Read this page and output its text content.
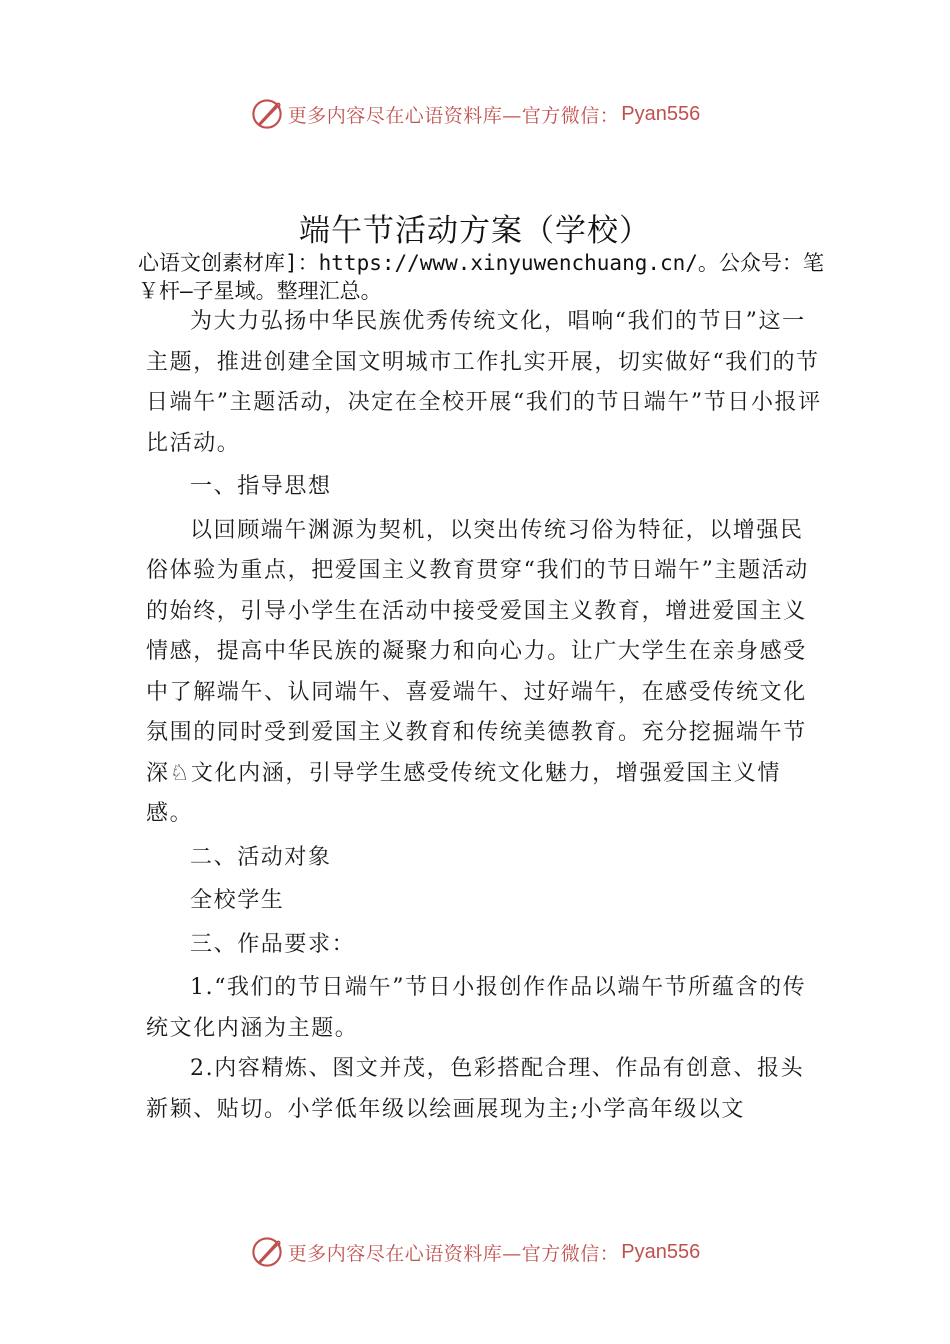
更多内容尽在心语资料库—官方微信： Pyan556
端午节活动方案（学校）
心语文创素材库]：https://www.xinyuwenchuang.cn/。公众号：笔￥杆—子星域。整理汇总。

为大力弘扬中华民族优秀传统文化，唱响“我们的节日”这一主题，推进创建全国文明城市工作扎实开展，切实做好“我们的节日端午”主题活动，决定在全校开展“我们的节日端午”节日小报评比活动。

一、指导思想

以回顾端午渊源为契机，以突出传统习俗为特征，以增强民俗体验为重点，把爱国主义教育贯穿“我们的节日端午”主题活动的始终，引导小学生在活动中接受爱国主义教育，增进爱国主义情感，提高中华民族的凝聚力和向心力。让广大学生在亲身感受中了解端午、认同端午、喜爱端午、过好端午，在感受传统文化氛围的同时受到爱国主义教育和传统美德教育。充分挖掘端午节深♘文化内涵，引导学生感受传统文化魅力，增强爱国主义情感。

二、活动对象

全校学生

三、作品要求：

1.“我们的节日端午”节日小报创作作品以端午节所蕴含的传统文化内涵为主题。

2.内容精炼、图文并茂，色彩搭配合理、作品有创意、报头新颖、贴切。小学低年级以绘画展现为主;小学高年级以文

更多内容尽在心语资料库—官方微信： Pyan556
